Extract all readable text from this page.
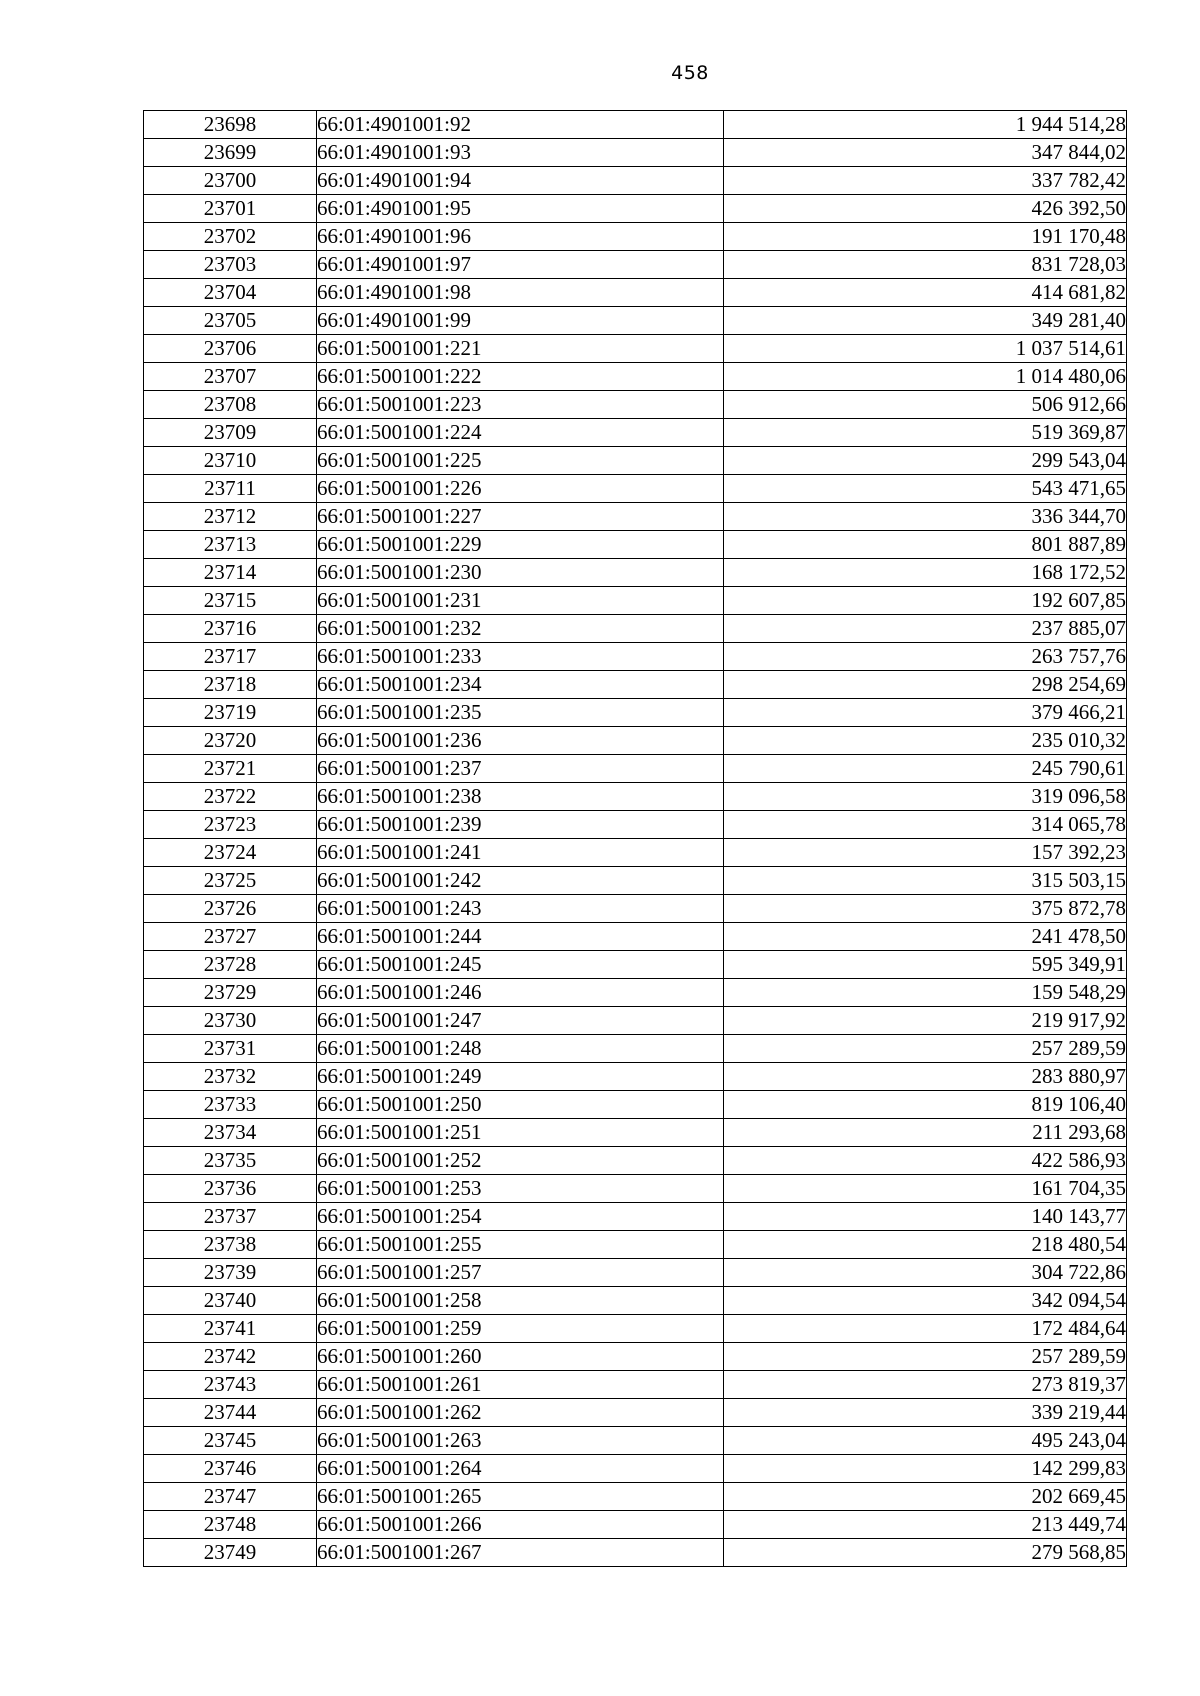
458
23698	66:01:4901001:92	1 944 514,28
23699	66:01:4901001:93	347 844,02
23700	66:01:4901001:94	337 782,42
23701	66:01:4901001:95	426 392,50
23702	66:01:4901001:96	191 170,48
23703	66:01:4901001:97	831 728,03
23704	66:01:4901001:98	414 681,82
23705	66:01:4901001:99	349 281,40
23706	66:01:5001001:221	1 037 514,61
23707	66:01:5001001:222	1 014 480,06
23708	66:01:5001001:223	506 912,66
23709	66:01:5001001:224	519 369,87
23710	66:01:5001001:225	299 543,04
23711	66:01:5001001:226	543 471,65
23712	66:01:5001001:227	336 344,70
23713	66:01:5001001:229	801 887,89
23714	66:01:5001001:230	168 172,52
23715	66:01:5001001:231	192 607,85
23716	66:01:5001001:232	237 885,07
23717	66:01:5001001:233	263 757,76
23718	66:01:5001001:234	298 254,69
23719	66:01:5001001:235	379 466,21
23720	66:01:5001001:236	235 010,32
23721	66:01:5001001:237	245 790,61
23722	66:01:5001001:238	319 096,58
23723	66:01:5001001:239	314 065,78
23724	66:01:5001001:241	157 392,23
23725	66:01:5001001:242	315 503,15
23726	66:01:5001001:243	375 872,78
23727	66:01:5001001:244	241 478,50
23728	66:01:5001001:245	595 349,91
23729	66:01:5001001:246	159 548,29
23730	66:01:5001001:247	219 917,92
23731	66:01:5001001:248	257 289,59
23732	66:01:5001001:249	283 880,97
23733	66:01:5001001:250	819 106,40
23734	66:01:5001001:251	211 293,68
23735	66:01:5001001:252	422 586,93
23736	66:01:5001001:253	161 704,35
23737	66:01:5001001:254	140 143,77
23738	66:01:5001001:255	218 480,54
23739	66:01:5001001:257	304 722,86
23740	66:01:5001001:258	342 094,54
23741	66:01:5001001:259	172 484,64
23742	66:01:5001001:260	257 289,59
23743	66:01:5001001:261	273 819,37
23744	66:01:5001001:262	339 219,44
23745	66:01:5001001:263	495 243,04
23746	66:01:5001001:264	142 299,83
23747	66:01:5001001:265	202 669,45
23748	66:01:5001001:266	213 449,74
23749	66:01:5001001:267	279 568,85
